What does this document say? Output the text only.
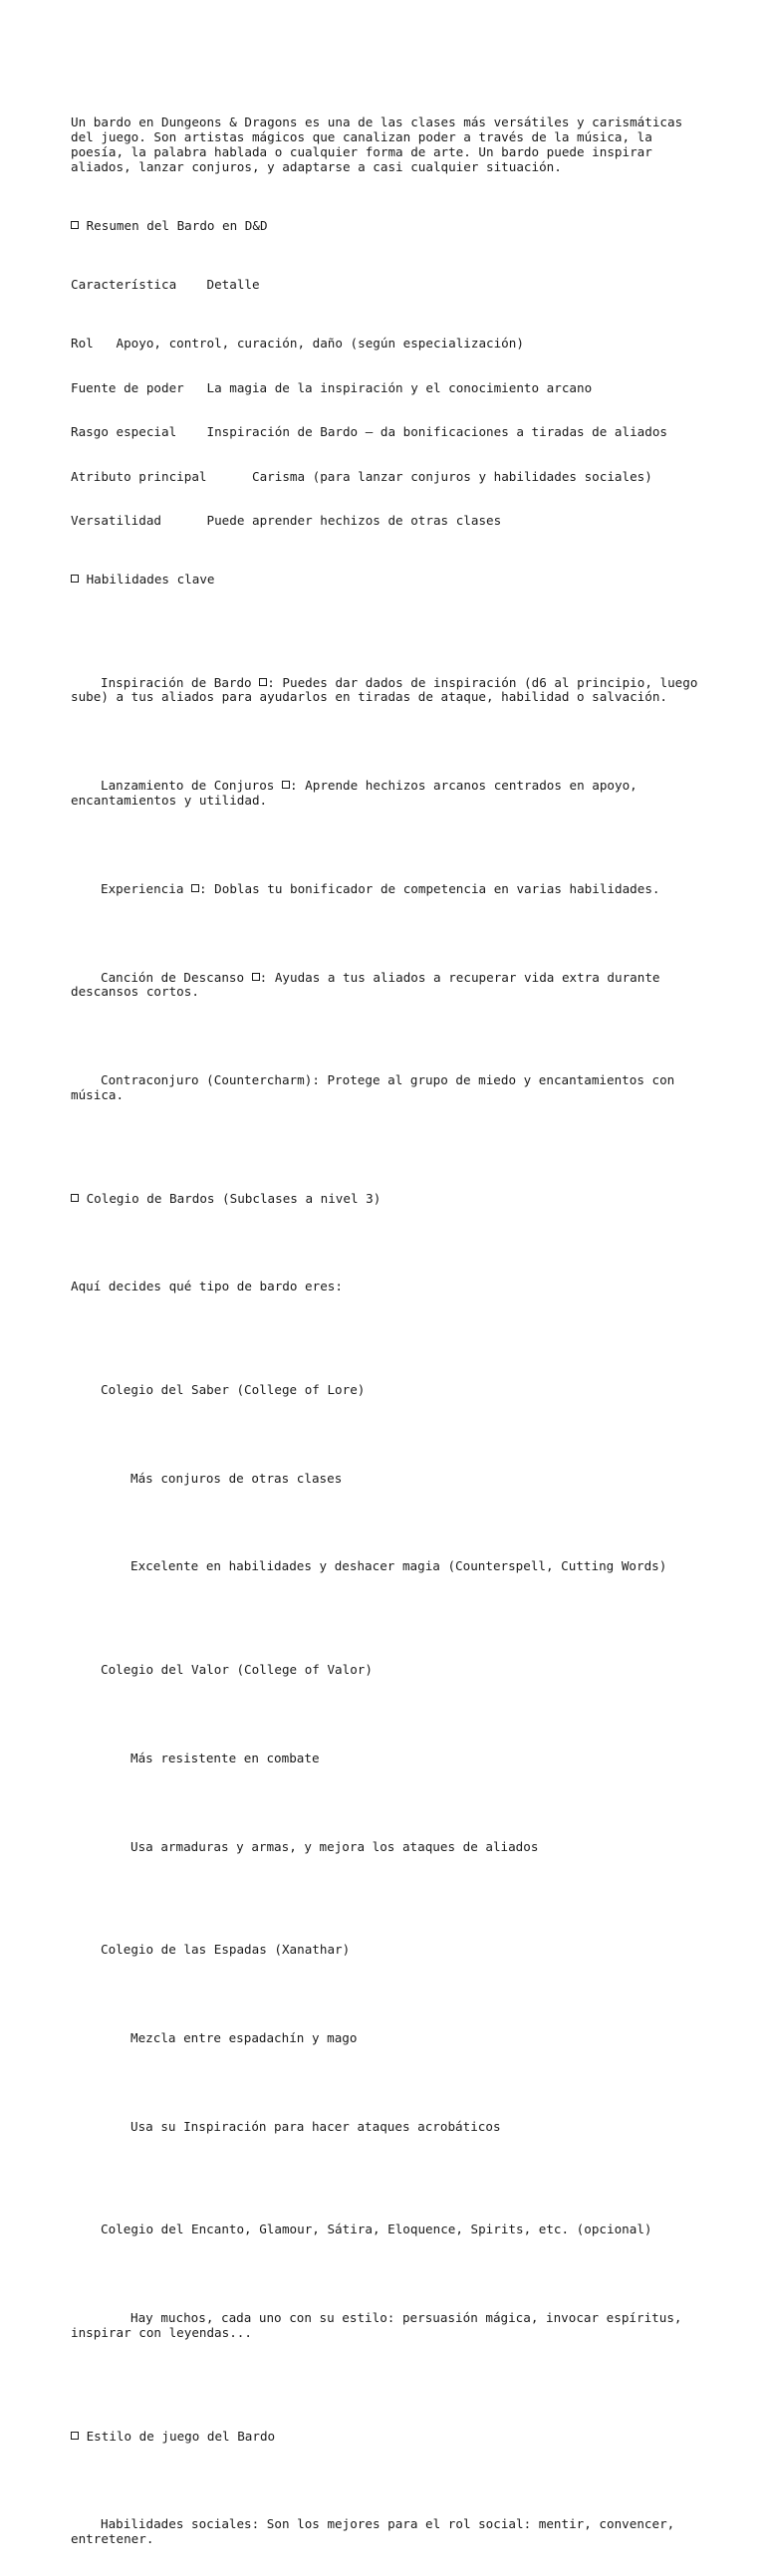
Un bardo en Dungeons & Dragons es una de las clases más versátiles y carismáticas del juego. Son artistas mágicos que canalizan poder a través de la música, la poesía, la palabra hablada o cualquier forma de arte. Un bardo puede inspirar aliados, lanzar conjuros, y adaptarse a casi cualquier situación.

Resumen del Bardo en D&D

Característica Detalle

Rol Apoyo, control, curación, daño (según especialización)

Fuente de poder La magia de la inspiración y el conocimiento arcano

Rasgo especial Inspiración de Bardo – da bonificaciones a tiradas de aliados

Atributo principal	Carisma (para lanzar conjuros y habilidades sociales)

Versatilidad	Puede aprender hechizos de otras clases

Habilidades clave

Inspiración de Bardo : Puedes dar dados de inspiración (d6 al principio, luego sube) a tus aliados para ayudarlos en tiradas de ataque, habilidad o salvación.

Lanzamiento de Conjuros : Aprende hechizos arcanos centrados en apoyo, encantamientos y utilidad.

Experiencia : Doblas tu bonificador de competencia en varias habilidades.

Canción de Descanso : Ayudas a tus aliados a recuperar vida extra durante descansos cortos.

Contraconjuro (Countercharm): Protege al grupo de miedo y encantamientos con música.

Colegio de Bardos (Subclases a nivel 3)

Aquí decides qué tipo de bardo eres:

Colegio del Saber (College of Lore)

Más conjuros de otras clases

Excelente en habilidades y deshacer magia (Counterspell, Cutting Words)

Colegio del Valor (College of Valor)

Más resistente en combate

Usa armaduras y armas, y mejora los ataques de aliados

Colegio de las Espadas (Xanathar)

Mezcla entre espadachín y mago

Usa su Inspiración para hacer ataques acrobáticos

Colegio del Encanto, Glamour, Sátira, Eloquence, Spirits, etc. (opcional)

Hay muchos, cada uno con su estilo: persuasión mágica, invocar espíritus, inspirar con leyendas...

Estilo de juego del Bardo

Habilidades sociales: Son los mejores para el rol social: mentir, convencer, entretener.
